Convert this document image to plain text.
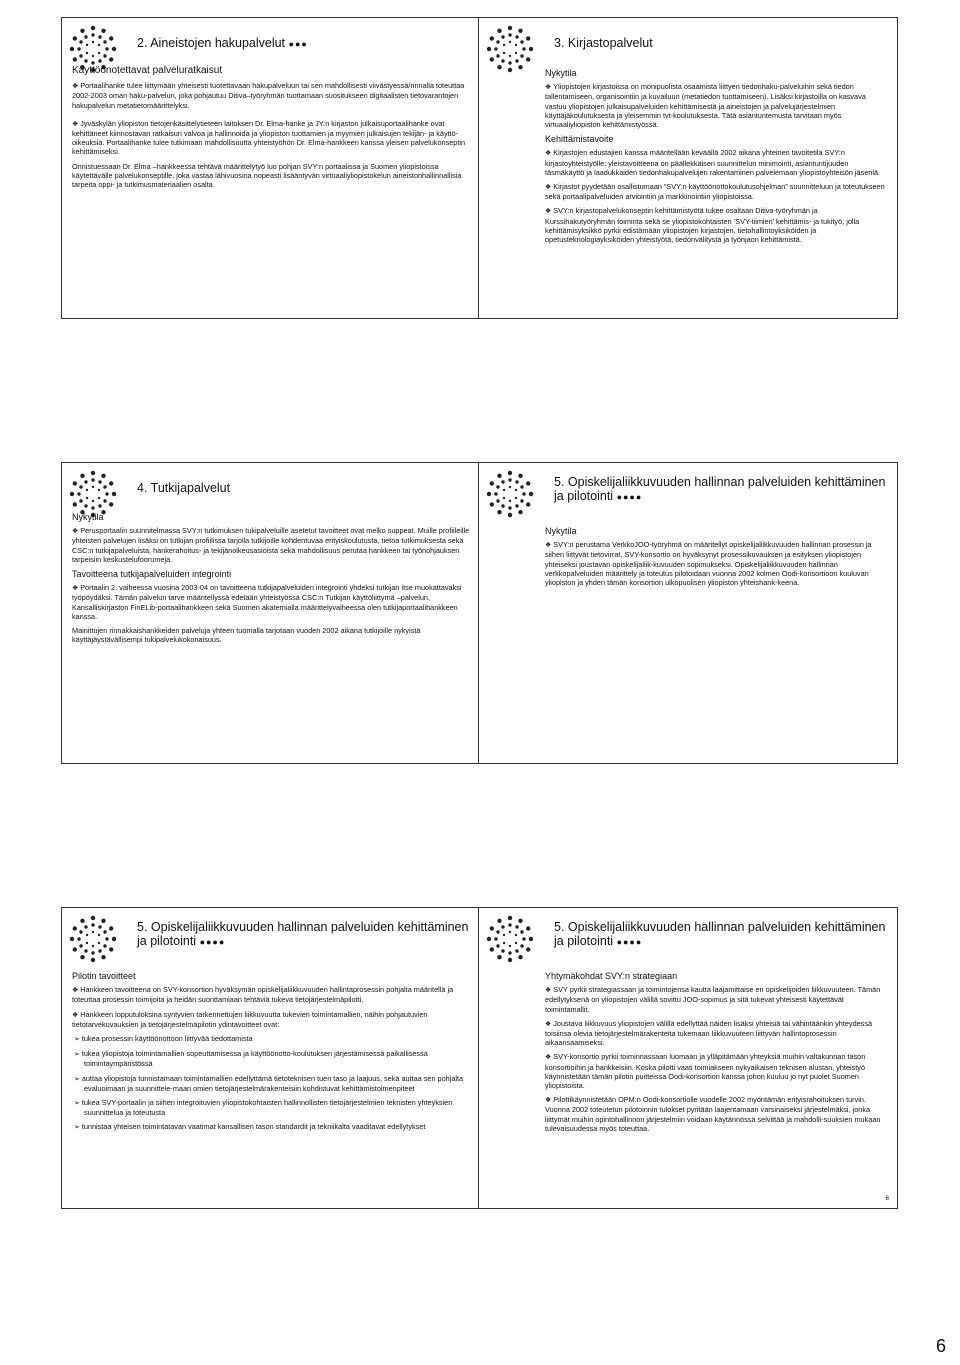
2. Aineistojen hakupalvelut ●●●
Käyttöönotettavat palveluratkaisut

❖ Portaalihanke tulee liittymään yhteisesti tuotettavaan hakupalveluun tai sen mahdollisesti viivästyessä/rinnalla toteuttaa 2002-2003 oman haku-palvelun, joka pohjautuu Ditiva–työryhmän tuottamaan suositukseen digitaalisten tietovarantojen hakupalvelun metatietomäärittelyksi.

❖ Jyväskylän yliopiston tietojenkäsittelytieteen laitoksen Dr. Elma-hanke ja JY:n kirjaston julkaisuportaalihanke ovat kehittäneet kiinnostavan ratkaisun valvoa ja hallinnoida ja yliopiston tuottamien ja myymien julkaisujen tekijän- ja käyttö-oikeuksia. Portaalihanke tulee tutkimaan mahdollisuutta yhteistyöhön Dr. Elma-hankkeen kanssa yleisen palvelukonseptin kehittämiseksi.

Onnistuessaan Dr. Elma –hankkeessa tehtävä määrittelytyö luo pohjan SVY:n portaalissa ja Suomen yliopistoissa käytettävälle palvelukonseptille, joka vastaa lähivuosina nopeasti lisääntyvän virtuaaliyliopistokelun aineistonhallinnallisia tarpeita oppi- ja tutkimusmateriaalien osalta.

3. Kirjastopalvelut
Nykytila

❖ Yliopistojen kirjastoissa on monipuolista osaamista liittyen tiedonhaku-palveluihin sekä tiedon tallentamiseen, organisointiin ja kuvailuun (metatiedon tuottamiseen). Lisäksi kirjastoilla on kasvava vastuu yliopistojen julkaisupalveluiden kehittämisestä ja aineistojen ja palvelujärjestelmien käyttäjäkoulutuksesta ja yleisemmin tvt-koulutuksesta. Tätä asiantuntemusta tarvitaan myös virtuaaliyliopiston kehittämistyössä.

Kehittämistavoite

❖ Kirjastojen edustajien kanssa määritellään keväällä 2002 aikana yhteinen tavoitetila SVY:n kirjastoyhteistyölle: yleistavoitteena on päällekkäisen suunnittelun minimointi, asiantuntijuuden täsmäkäyttö ja laadukkaiden tiedonhakupalvelujen rakentaminen palvelemaan yliopistoyhteisön jäseniä.

❖ Kirjastot pyydetään osallistumaan ”SVY:n käyttöönottokoulutusohjelman” suunnitteluun ja toteutukseen sekä portaalipalveluiden arviointiin ja markkinointiin yliopistoissa.

❖ SVY:n kirjastopalvelukonseptin kehittämistyötä tukee osaltaan Ditiva-työryhmän ja Kurssihakutyöryhmän toiminta sekä se yliopistokohtaisten ’SVY-tiimien’ kehittämis- ja tukityö, jolla kehittämisyksikkö pyrkii edistämään yliopistojen kirjastojen, tietohallintoyksiköiden ja opetusteknologiayksiköiden yhteistyötä, tiedonvälitystä ja työnjaon kehittämistä.

4. Tutkijapalvelut
Nykytila

❖ Perusportaalin suunnitelmassa SVY:n tutkimuksen tukipalveluille asetetut tavoitteet ovat melko suppeat. Muille profiileille yhteisten palvelujen lisäksi on tutkijan profiilissa tarjolla tutkijoille kohdentuvaa erityiskoulutusta, tietoa tutkimuksesta sekä CSC:n tutkijapalveluista, hankerahoitus- ja tekijänoikeusasioista sekä mahdollisuus perutaa hankkeen tai työnohjauksen tarpeisiin keskustelufoorumeja.

Tavoitteena tutkijapalveluiden integrointi

❖ Portaalin 2. vaiheessa vuosina 2003-04 on tavoitteena tutkijapalveluiden integrointi yhdeksi tutkijan itse muokattavaksi työpöydäksi. Tämän palvelun tarve määritellyssä edetään yhteistyössä CSC:n Tutkijan käyttöliittymä –palvelun, Kansalliskirjaston FinELib-portaalihankkeen sekä Suomen akatemialla määrittelyvaiheessa olen tutkijaportaalihankkeen kanssa.

Mainittujen rinnakkaishankkeiden palveluja yhteen tuomalla tarjotaan vuoden 2002 aikana tutkijoille nykyistä käyttäjäystävällisempi tukipalvelukokonaisuus.

5. Opiskelijaliikkuvuuden hallinnan palveluiden kehittäminen ja pilotointi ●●●●
Nykytila

❖ SVY:n perustama VerkkoJOO-työryhmä on määritellyt opiskelijaliikkuvuuden hallinnan prosessin ja siihen liittyvät tietovirrat. SVY-konsortio on hyväksynyt prosessikuvauksen ja esityksen yliopistojen yhteiseksi joustavan opiskelijaliik-kuvuuden sopimukseksi. Opiskelijaliikkuvuuden hallinnan verkkopalveluiden määrittely ja toteutus pilotoidaan vuonna 2002 kolmen Oodi-konsortioon kuuluvan yliopiston ja yhden tämän konsortion ulkopuolisen yliopiston yhteishank-keena.

5. Opiskelijaliikkuvuuden hallinnan palveluiden kehittäminen ja pilotointi ●●●●
Pilotin tavoitteet

❖ Hankkeen tavoitteena on SVY-konsortion hyväksymän opiskelijaliikkuvuuden hallintaprosessin pohjalta määritellä ja toteuttaa prosessin toimijoita ja heidän suorittamiaan tehtäviä tukeva tietojärjestelmäpilotti.

❖ Hankkeen lopputuloksina syntyvien tarkennettujen liikkuvuutta tukevien toimintamallien, näihin pohjautuvien tietotarvekuvauksien ja tietojärjestelmäpilotin ydintavoitteet ovat:

➢ tukea prosessin käyttöönottoon liittyvää tiedottamista

➢ tukea yliopistoja toimintamallien sopeuttamisessa ja käyttöönotto-koulutuksen järjestämisessä paikallisessa toimintaympäristössä

➢ auttaa yliopistoja tunnistamaan toimintamallien edellyttämä tietoteknisen tuen taso ja laajuus, sekä auttaa sen pohjalta evaluoimaan ja suunnittele-maan omien tietojärjestelmärakenteisiin kohdistuvat kehittämistoimenpiteet

➢ tukea SVY-portaalin ja siihen integroituvien yliopistokohtaisten hallinnollisten tietojärjestelmien teknisten yhteyksien suunnittelua ja toteutusta

➢ tunnistaa yhteisen toimintatavan vaatimat kansallisen tason standardit ja tekniikalta vaaditavat edellytykset

5. Opiskelijaliikkuvuuden hallinnan palveluiden kehittäminen ja pilotointi ●●●●
Yhtymäkohdat SVY:n strategiaan

❖ SVY pyrkii strategiassaan ja toimintojensa kautta laajamittaise en opiskelijoiden liikkuvuuteen. Tämän edellytyksenä on yliopistojen välillä sovittu JOO-sopimus ja sitä tukevat yhteisesti käytettävät toimintamallit.

❖ Joustava liikkuvuus yliopistojen välillä edellyttää näiden lisäksi yhteisiä tai vähintäänkin yhteydessä toisiinsa olevia tietojärjestelmärakenteita tukemaan liikkuvuuteen liittyvän hallintoprosessin aikaansaamiseksi.

❖ SVY-konsortio pyrkii toiminnassaan luomaan ja ylläpitämään yhteyksiä muihin valtakunnan tason konsortioihin ja hankkeisiin. Koska pilotti vaati toimiakseen nykyaikaisen teknisen alustan, yhteistyö käynnistetään tämän pilotin puitteissa Oodi-konsortion kanssa johon kuuluu jo nyt puolet Suomen yliopistoista.

❖ Pilottikäynnistetään OPM:n Oodi-konsortiolle vuodelle 2002 myöntämän erityisrahoituksen turvin. Vuonna 2002 toteutetun pilotoinnin tulokset pyritään laajentamaan varsinaiseksi järjestelmäksi, jonka liittymät muihin opintohallinnon järjestelmiin voidaan käytännössä selvittää ja mahdolli-suuksien mukaan tulevaisuudessa myös toteuttaa.

6
6
